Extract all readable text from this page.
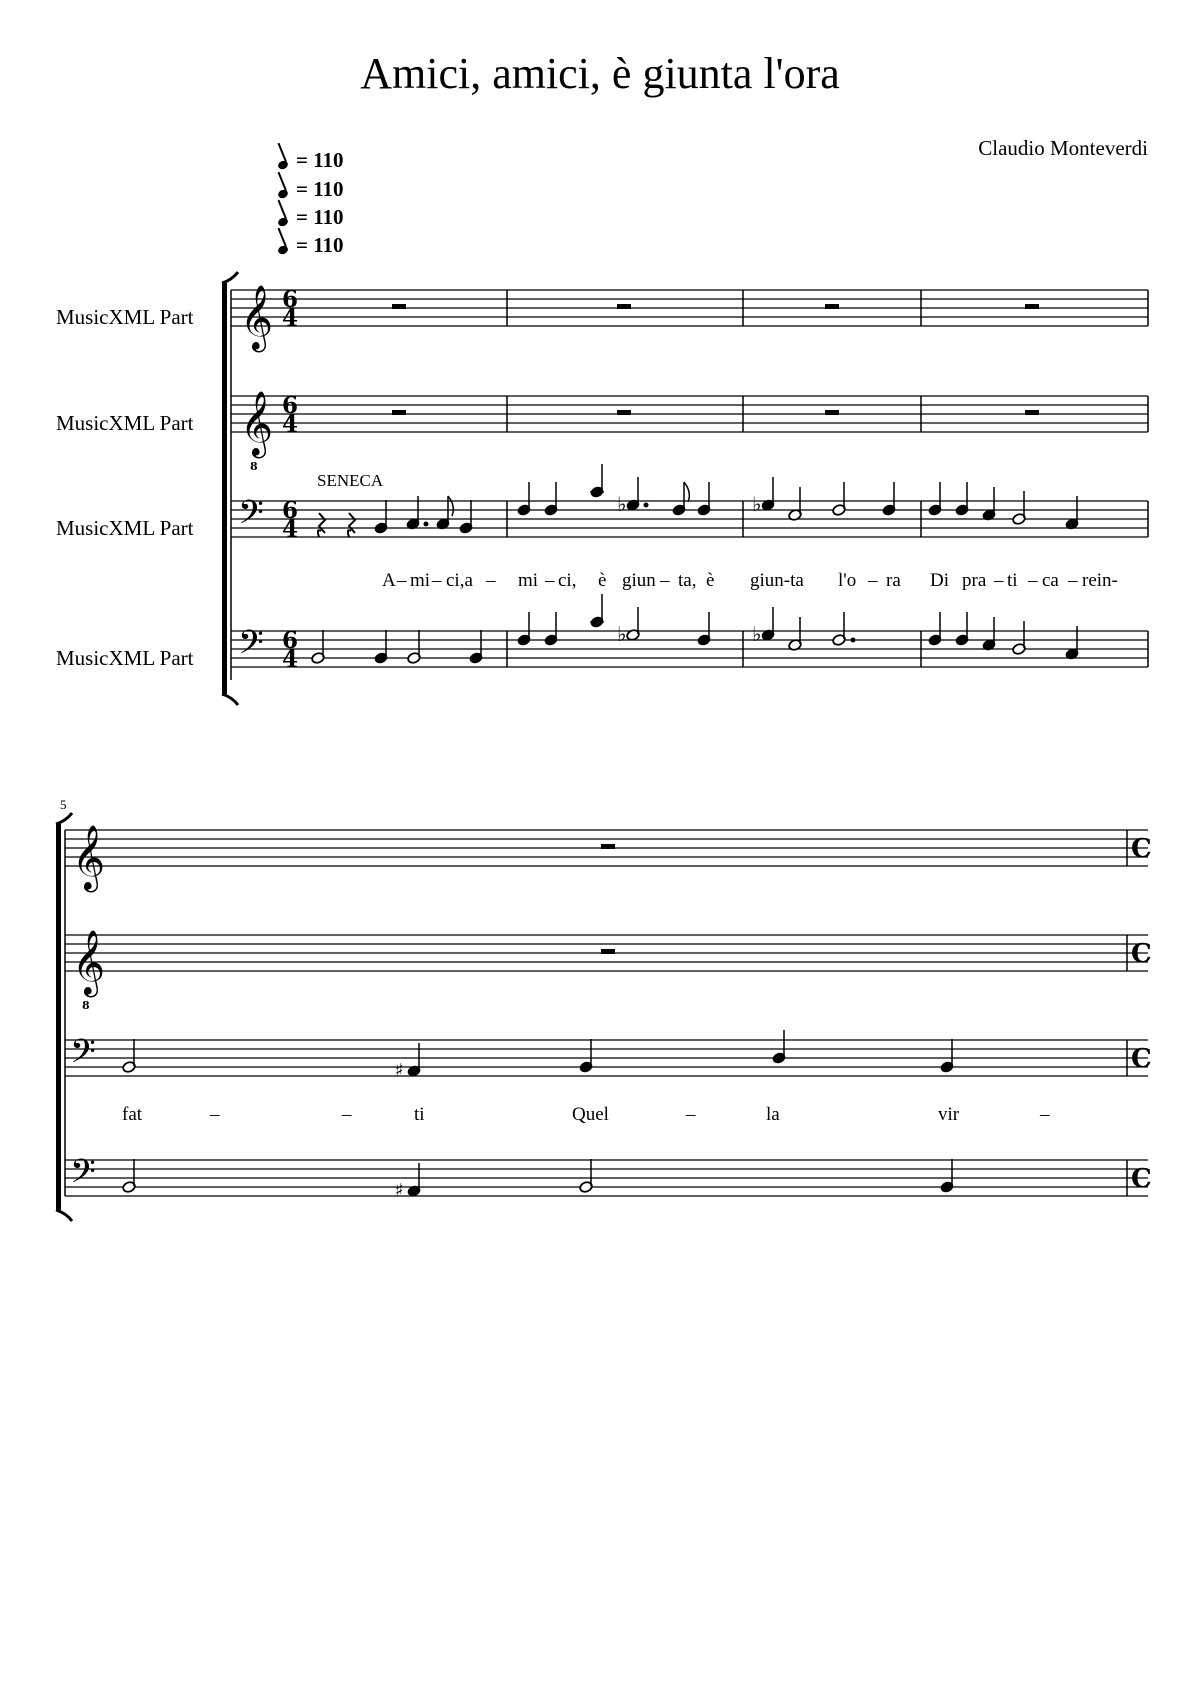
Amici, amici, è giunta l'ora
Claudio Monteverdi
= 110
= 110
= 110
= 110
MusicXML Part
MusicXML Part
MusicXML Part
MusicXML Part
SENECA
5
A – mi – ci,a – mi – ci, è giun – ta, è giun-ta l'o – ra Di pra – ti – ca – rein-
fat	–	–	ti	Quel	–	la	vir	–
𝄞
𝄞
8
𝄢
𝄢
6
4
6
4
6
4
6
4
♭	♭
♭	♭
𝄞
𝄞
8
𝄢
𝄢
C
C
C
C
♯
♯
